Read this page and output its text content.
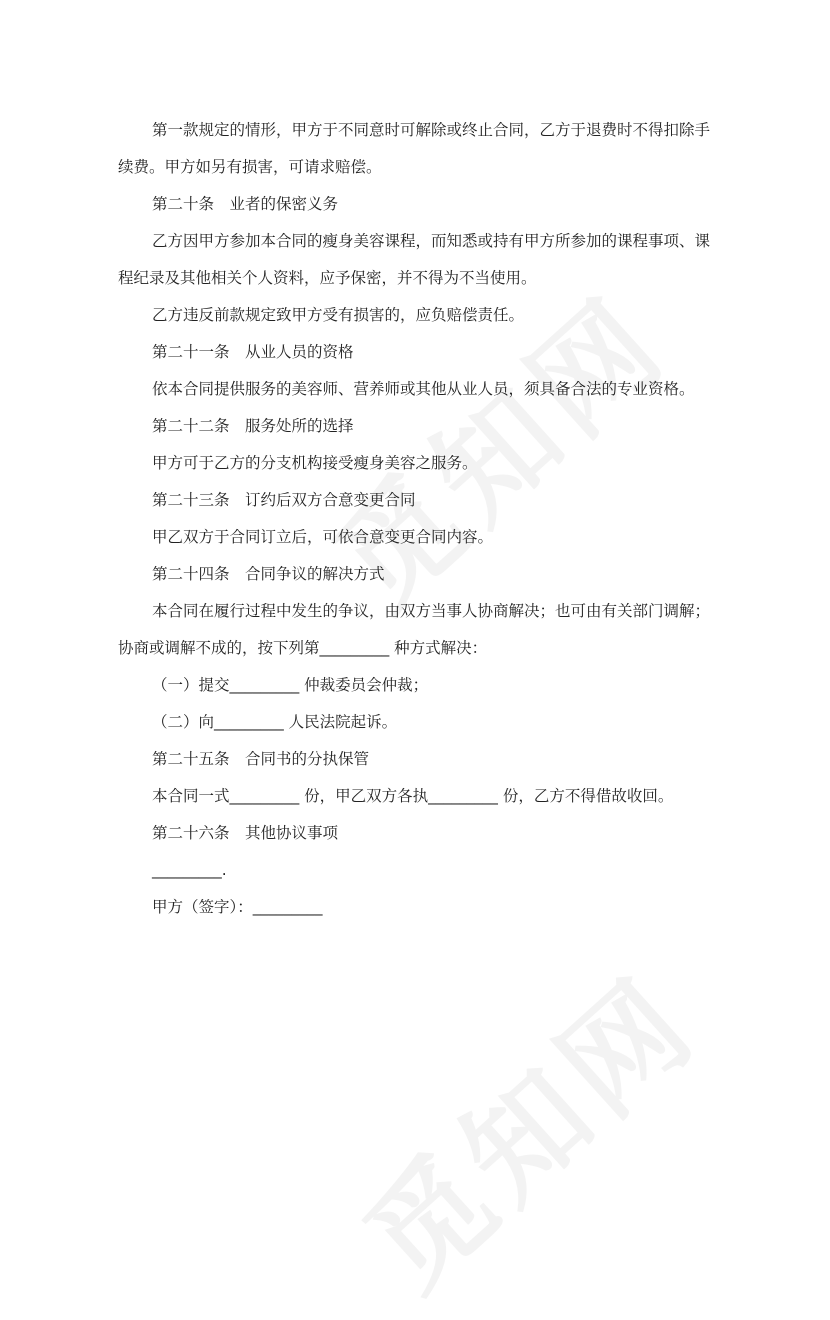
第一款规定的情形，甲方于不同意时可解除或终止合同，乙方于退费时不得扣除手续费。甲方如另有损害，可请求赔偿。

第二十条　业者的保密义务

乙方因甲方参加本合同的瘦身美容课程，而知悉或持有甲方所参加的课程事项、课程纪录及其他相关个人资料，应予保密，并不得为不当使用。

乙方违反前款规定致甲方受有损害的，应负赔偿责任。

第二十一条　从业人员的资格

依本合同提供服务的美容师、营养师或其他从业人员，须具备合法的专业资格。

第二十二条　服务处所的选择

甲方可于乙方的分支机构接受瘦身美容之服务。

第二十三条　订约后双方合意变更合同

甲乙双方于合同订立后，可依合意变更合同内容。

第二十四条　合同争议的解决方式

本合同在履行过程中发生的争议，由双方当事人协商解决；也可由有关部门调解；协商或调解不成的，按下列第_________ 种方式解决：

（一）提交_________ 仲裁委员会仲裁；

（二）向_________ 人民法院起诉。

第二十五条　合同书的分执保管

本合同一式_________ 份，甲乙双方各执_________ 份，乙方不得借故收回。

第二十六条　其他协议事项

_________.

甲方（签字）：_________
